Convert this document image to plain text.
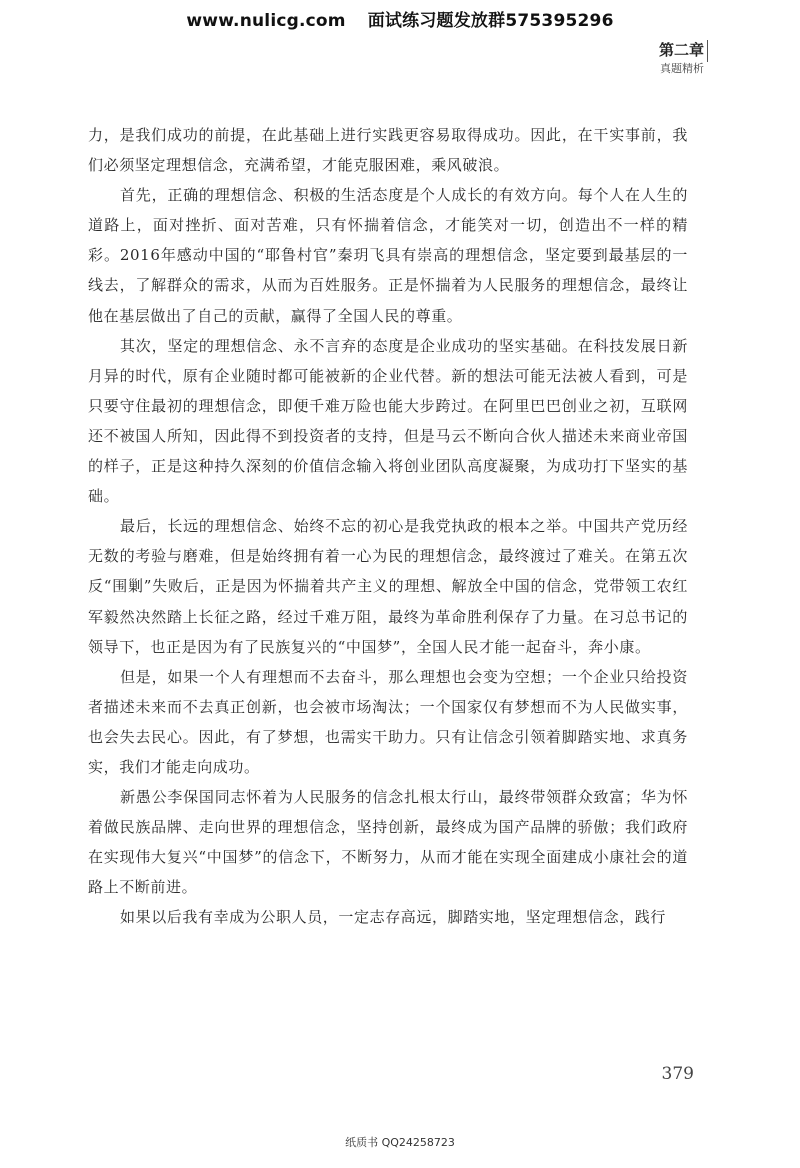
www.nulicg.com 面试练习题发放群575395296
第二章
真题精析

力，是我们成功的前提，在此基础上进行实践更容易取得成功。因此，在干实事前，我们必须坚定理想信念，充满希望，才能克服困难，乘风破浪。

首先，正确的理想信念、积极的生活态度是个人成长的有效方向。每个人在人生的道路上，面对挫折、面对苦难，只有怀揣着信念，才能笑对一切，创造出不一样的精彩。2016年感动中国的“耶鲁村官”秦玥飞具有崇高的理想信念，坚定要到最基层的一线去，了解群众的需求，从而为百姓服务。正是怀揣着为人民服务的理想信念，最终让他在基层做出了自己的贡献，赢得了全国人民的尊重。

其次，坚定的理想信念、永不言弃的态度是企业成功的坚实基础。在科技发展日新月异的时代，原有企业随时都可能被新的企业代替。新的想法可能无法被人看到，可是只要守住最初的理想信念，即便千难万险也能大步跨过。在阿里巴巴创业之初，互联网还不被国人所知，因此得不到投资者的支持，但是马云不断向合伙人描述未来商业帝国的样子，正是这种持久深刻的价值信念输入将创业团队高度凝聚，为成功打下坚实的基础。

最后，长远的理想信念、始终不忘的初心是我党执政的根本之举。中国共产党历经无数的考验与磨难，但是始终拥有着一心为民的理想信念，最终渡过了难关。在第五次反“围剿”失败后，正是因为怀揣着共产主义的理想、解放全中国的信念，党带领工农红军毅然决然踏上长征之路，经过千难万阻，最终为革命胜利保存了力量。在习总书记的领导下，也正是因为有了民族复兴的“中国梦”，全国人民才能一起奋斗，奔小康。

但是，如果一个人有理想而不去奋斗，那么理想也会变为空想；一个企业只给投资者描述未来而不去真正创新，也会被市场淘汰；一个国家仅有梦想而不为人民做实事，也会失去民心。因此，有了梦想，也需实干助力。只有让信念引领着脚踏实地、求真务实，我们才能走向成功。

新愚公李保国同志怀着为人民服务的信念扎根太行山，最终带领群众致富；华为怀着做民族品牌、走向世界的理想信念，坚持创新，最终成为国产品牌的骄傲；我们政府在实现伟大复兴“中国梦”的信念下，不断努力，从而才能在实现全面建成小康社会的道路上不断前进。

如果以后我有幸成为公职人员，一定志存高远，脚踏实地，坚定理想信念，践行

379
纸质书 QQ24258723
